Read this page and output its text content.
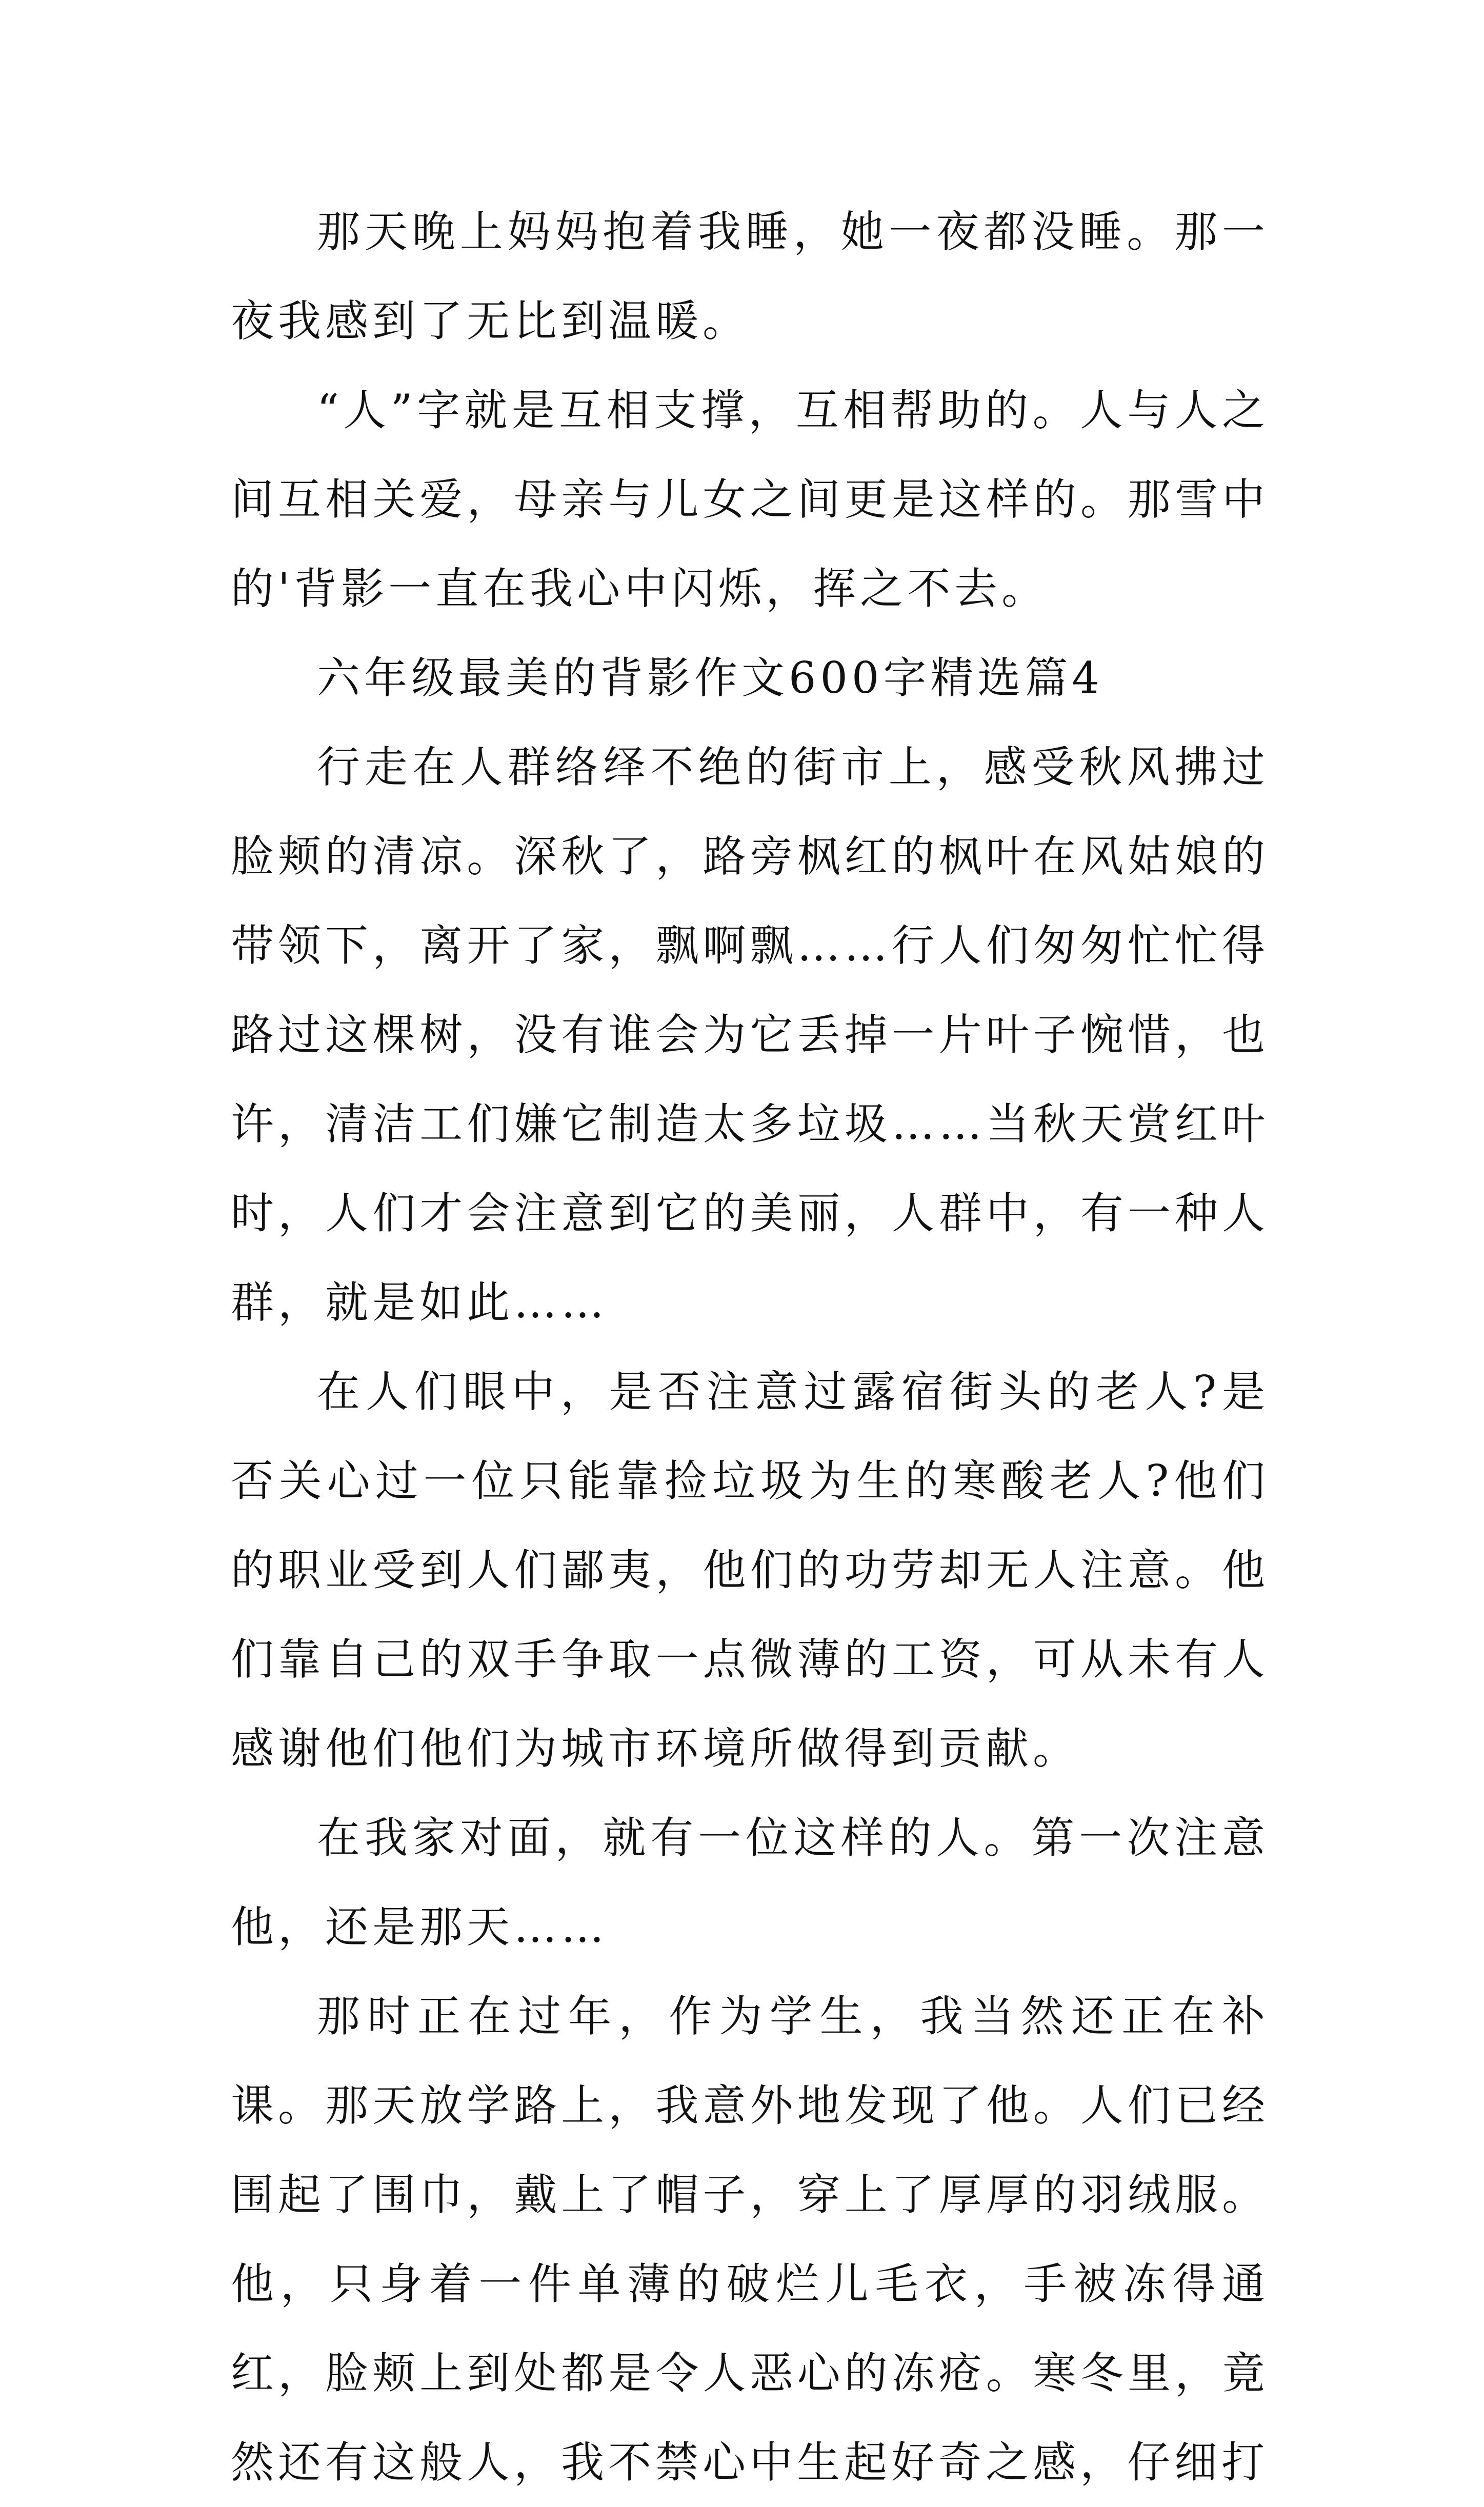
那天晚上妈妈抱着我睡，她一夜都没睡。那一夜我感到了无比到温暖。

“人”字就是互相支撑，互相帮助的。人与人之间互相关爱，母亲与儿女之间更是这样的。那雪中的'背影一直在我心中闪烁，挥之不去。

六年级最美的背影作文600字精选篇4

行走在人群络绎不绝的街市上，感受秋风拂过脸颊的清凉。深秋了，路旁枫红的枫叶在风姑娘的带领下，离开了家，飘啊飘……行人们匆匆忙忙得路过这棵树，没有谁会为它丢掉一片叶子惋惜，也许，清洁工们嫌它制造太多垃圾……当秋天赏红叶时，人们才会注意到它的美丽，人群中，有一种人群，就是如此……

在人们眼中，是否注意过露宿街头的老人?是否关心过一位只能靠捡垃圾为生的寒酸老人?他们的职业受到人们鄙夷，他们的功劳却无人注意。他们靠自己的双手争取一点微薄的工资，可从未有人感谢他们他们为城市环境所做得到贡献。

在我家对面，就有一位这样的人。第一次注意他，还是那天……

那时正在过年，作为学生，我当然还正在补课。那天放学路上，我意外地发现了他。人们已经围起了围巾，戴上了帽子，穿上了厚厚的羽绒服。他，只身着一件单薄的破烂儿毛衣，手被冻得通红，脸颊上到处都是令人恶心的冻疮。寒冬里，竟然还有这般人，我不禁心中生起好奇之感，仔细打
